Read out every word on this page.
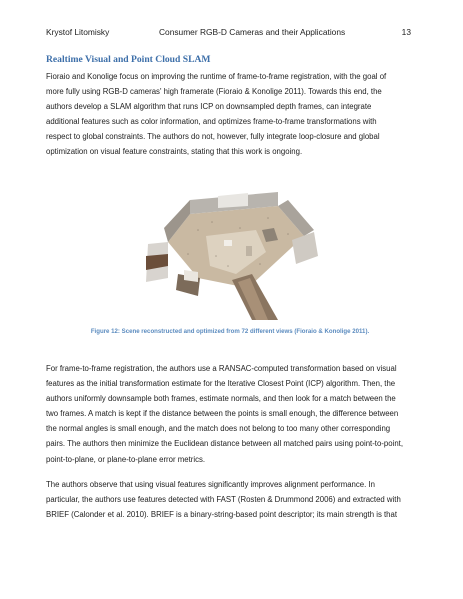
Krystof Litomisky	Consumer RGB-D Cameras and their Applications	13
Realtime Visual and Point Cloud SLAM
Fioraio and Konolige focus on improving the runtime of frame-to-frame registration, with the goal of
more fully using RGB-D cameras' high framerate (Fioraio & Konolige 2011). Towards this end, the
authors develop a SLAM algorithm that runs ICP on downsampled depth frames, can integrate
additional features such as color information, and optimizes frame-to-frame transformations with
respect to global constraints. The authors do not, however, fully integrate loop-closure and global
optimization on visual feature constraints, stating that this work is ongoing.
Figure 12: Scene reconstructed and optimized from 72 different views (Fioraio & Konolige 2011).
For frame-to-frame registration, the authors use a RANSAC-computed transformation based on visual
features as the initial transformation estimate for the Iterative Closest Point (ICP) algorithm. Then, the
authors uniformly downsample both frames, estimate normals, and then look for a match between the
two frames. A match is kept if the distance between the points is small enough, the difference between
the normal angles is small enough, and the match does not belong to too many other corresponding
pairs. The authors then minimize the Euclidean distance between all matched pairs using point-to-point,
point-to-plane, or plane-to-plane error metrics.
The authors observe that using visual features significantly improves alignment performance. In
particular, the authors use features detected with FAST (Rosten & Drummond 2006) and extracted with
BRIEF (Calonder et al. 2010). BRIEF is a binary-string-based point descriptor; its main strength is that
